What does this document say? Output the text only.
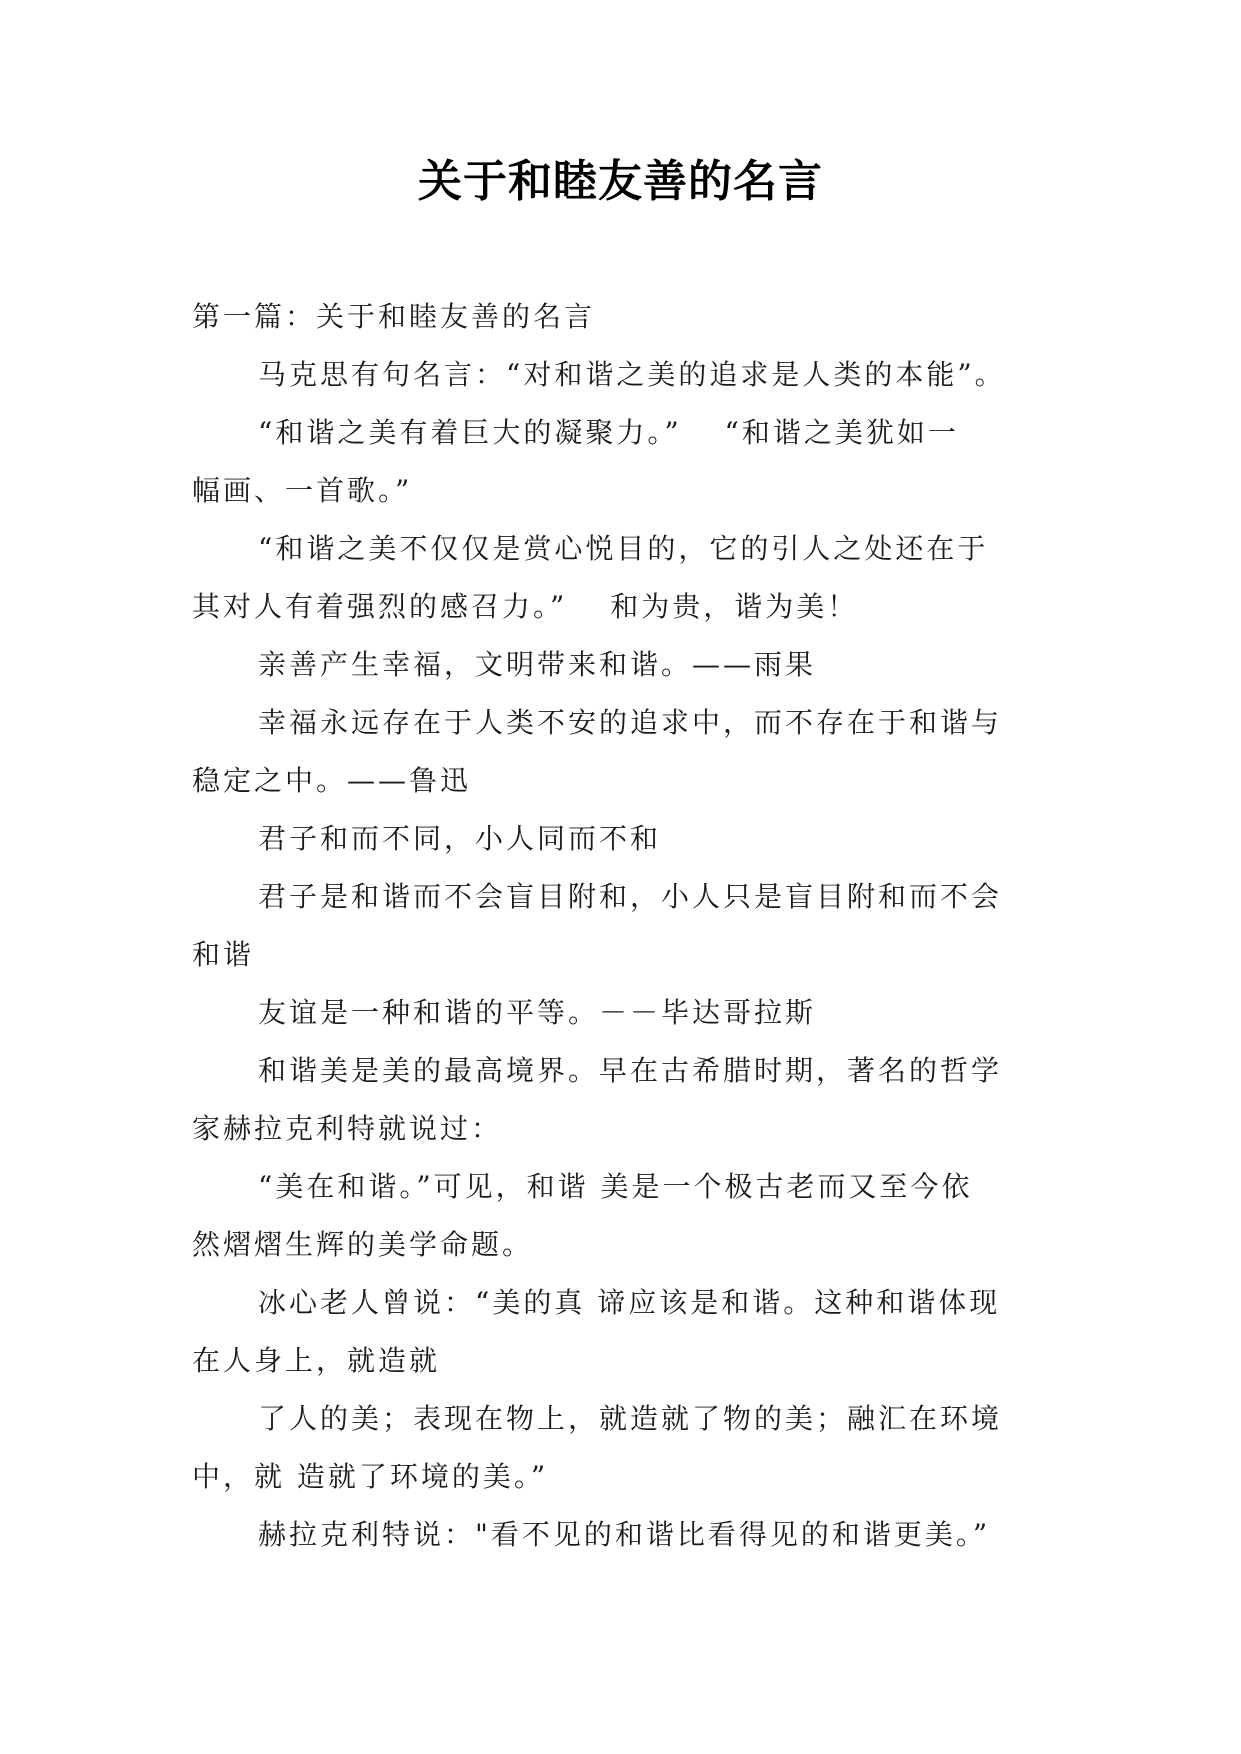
关于和睦友善的名言

第一篇：关于和睦友善的名言

马克思有句名言：“对和谐之美的追求是人类的本能”。

“和谐之美有着巨大的凝聚力。”　 “和谐之美犹如一

幅画、一首歌。”

“和谐之美不仅仅是赏心悦目的，它的引人之处还在于

其对人有着强烈的感召力。”　 和为贵，谐为美！

亲善产生幸福，文明带来和谐。——雨果

幸福永远存在于人类不安的追求中，而不存在于和谐与

稳定之中。——鲁迅

君子和而不同，小人同而不和

君子是和谐而不会盲目附和，小人只是盲目附和而不会

和谐

友谊是一种和谐的平等。－－毕达哥拉斯

和谐美是美的最高境界。早在古希腊时期，著名的哲学

家赫拉克利特就说过：

“美在和谐。”可见，和谐 美是一个极古老而又至今依

然熠熠生辉的美学命题。

冰心老人曾说：“美的真 谛应该是和谐。这种和谐体现

在人身上，就造就

了人的美；表现在物上，就造就了物的美；融汇在环境

中，就 造就了环境的美。”

赫拉克利特说："看不见的和谐比看得见的和谐更美。”
